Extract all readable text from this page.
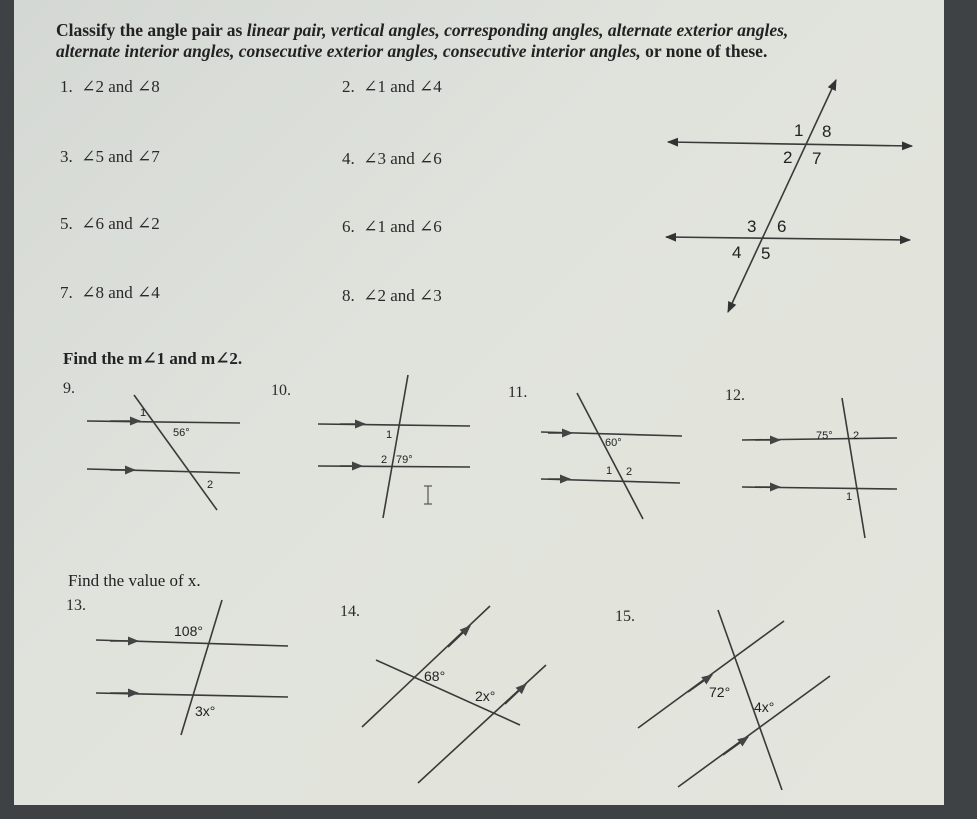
Classify the angle pair as linear pair, vertical angles, corresponding angles, alternate exterior angles,
alternate interior angles, consecutive exterior angles, consecutive interior angles, or none of these.
1. ∠2 and ∠8	2. ∠1 and ∠4
3. ∠5 and ∠7	4. ∠3 and ∠6
5. ∠6 and ∠2	6. ∠1 and ∠6
7. ∠8 and ∠4	8. ∠2 and ∠3
Find the m∠1 and m∠2.
Find the value of x.
9.	10.	11.	12.
13.	14.	15.
1 8
2 7
3 6
4 5
1
56°
2
1
2 79°
60°
1 2
75° 2
1
108°
3x°
68°
2x°	72°
4x°
